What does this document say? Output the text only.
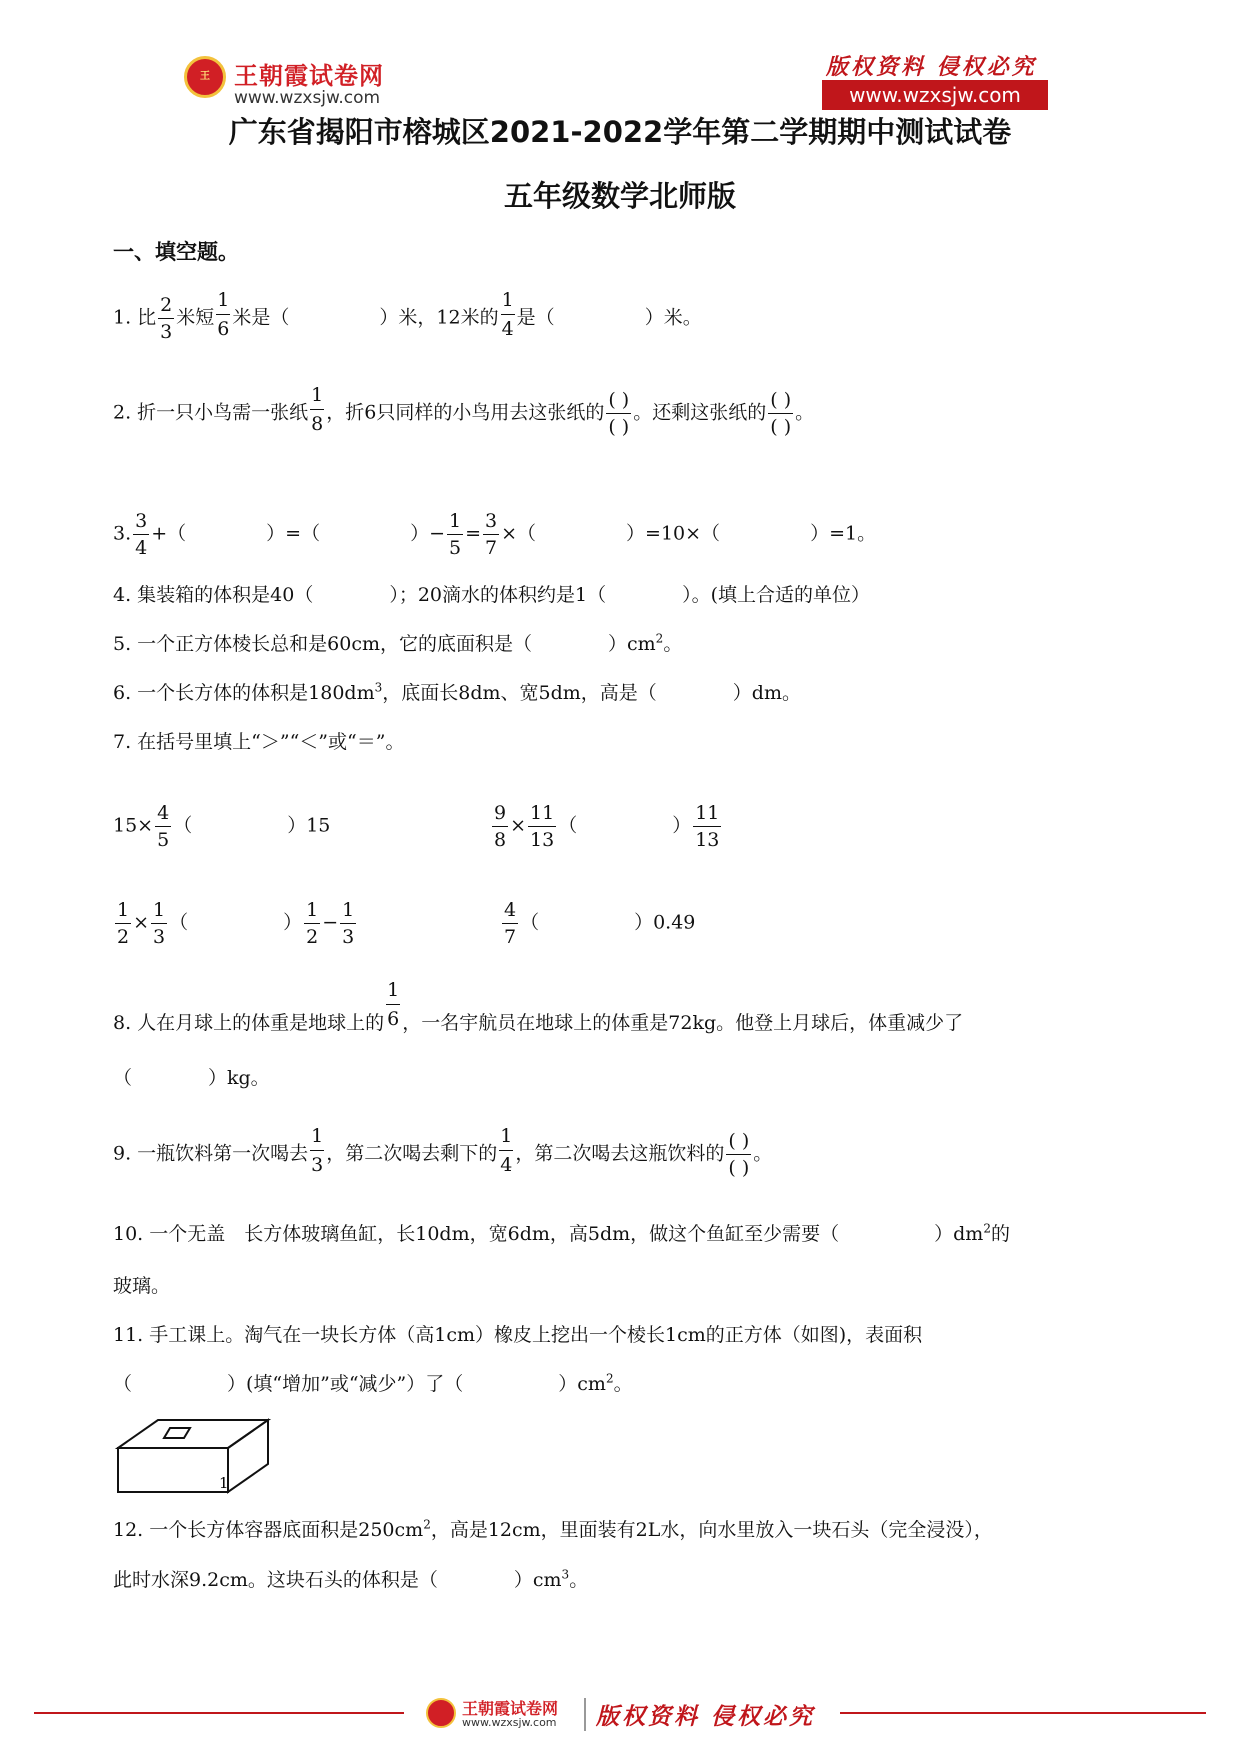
王	王朝霞试卷网
www.wzxsjw.com
版权资料 侵权必究
www.wzxsjw.com
广东省揭阳市榕城区2021-2022学年第二学期期中测试试卷
五年级数学北师版
一、填空题。
1. 比 $\frac{2}{3}$ 米短 $\frac{1}{6}$ 米是（	）米，12米的 $\frac{1}{4}$ 是（	）米。
2. 折一只小鸟需一张纸 $\frac{1}{8}$ ，折6只同样的小鸟用去这张纸的 $\frac{( )}{( )}$ 。还剩这张纸的 $\frac{( )}{( )}$ 。
3. $\frac{3}{4}$ +（	）=（	）− $\frac{1}{5} = \frac{3}{7}$ ×（	）=10×（	）=1。
4. 集装箱的体积是40（　　　　）；20滴水的体积约是1（　　　　）。(填上合适的单位）
5. 一个正方体棱长总和是60cm，它的底面积是（　　　　）$cm^2$。
6. 一个长方体的体积是$180dm^3$，底面长8dm、宽5dm，高是（　　　　）dm。
7. 在括号里填上“＞”“＜”或“＝”。
$15\times \frac{4}{5}$ （　　　　　）15	$\frac{9}{8} \times \frac{11}{13}$ （　　　　　） $\frac{11}{13}$
$\frac{1}{2} \times \frac{1}{3}$ （　　　　　） $\frac{1}{2} - \frac{1}{3}$	$\frac{4}{7}$ （　　　　　）0.49
8. 人在月球上的体重是地球上的 $\frac{1}{6}$ ，一名宇航员在地球上的体重是72kg。他登上月球后，体重减少了
（　　　　）kg。
9. 一瓶饮料第一次喝去 $\frac{1}{3}$ ，第二次喝去剩下的 $\frac{1}{4}$ ，第二次喝去这瓶饮料的 $\frac{( )}{( )}$ 。
10. 一个无盖　长方体玻璃鱼缸，长10dm，宽6dm，高5dm，做这个鱼缸至少需要（　　　　　）$dm^2$的
玻璃。
11. 手工课上。淘气在一块长方体（高1cm）橡皮上挖出一个棱长1cm的正方体（如图)，表面积
（　　　　　）(填“增加”或“减少”）了（　　　　　）$cm^2$。
1
12. 一个长方体容器底面积是$250cm^2$，高是12cm，里面装有2L水，向水里放入一块石头（完全浸没），
此时水深9.2cm。这块石头的体积是（　　　　）$cm^3$。
王朝霞试卷网
www.wzxsjw.com	版权资料 侵权必究
